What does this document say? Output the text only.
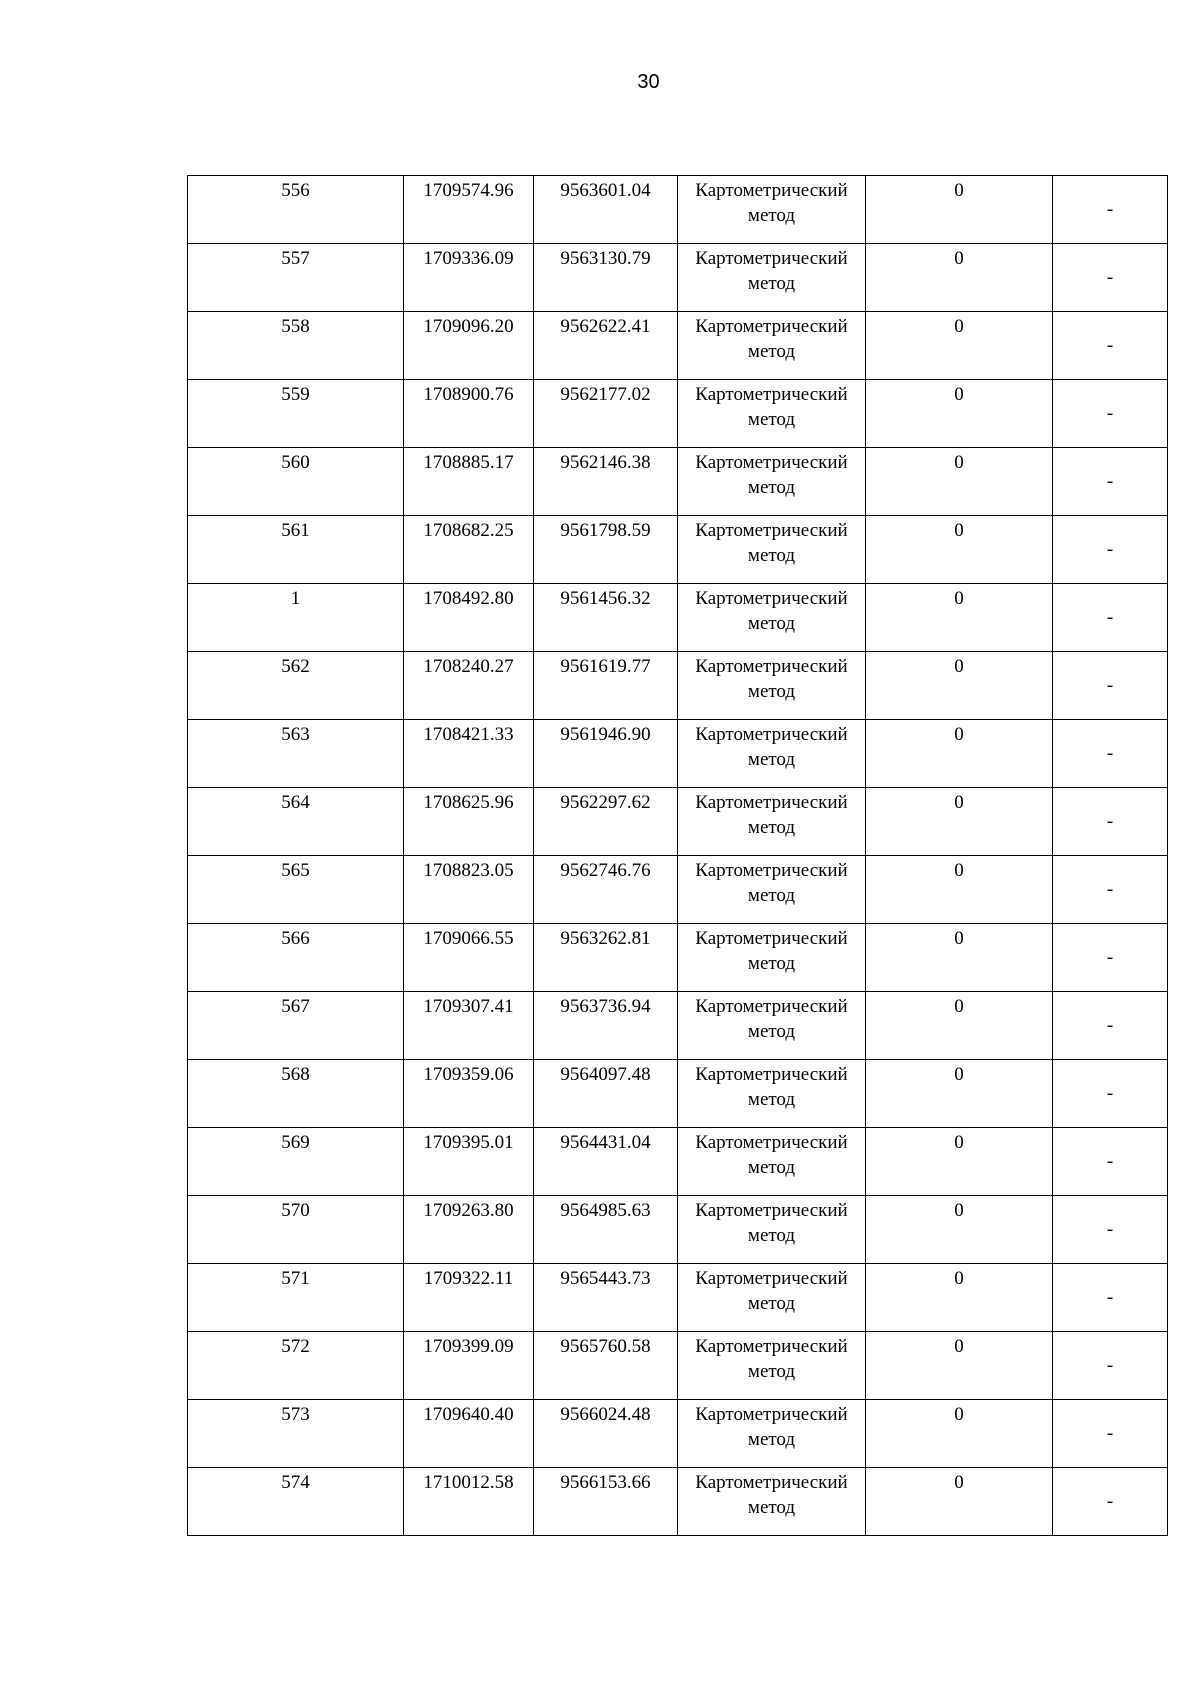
30
556	1709574.96	9563601.04	Картометрический метод	0	-
557	1709336.09	9563130.79	Картометрический метод	0	-
558	1709096.20	9562622.41	Картометрический метод	0	-
559	1708900.76	9562177.02	Картометрический метод	0	-
560	1708885.17	9562146.38	Картометрический метод	0	-
561	1708682.25	9561798.59	Картометрический метод	0	-
1	1708492.80	9561456.32	Картометрический метод	0	-
562	1708240.27	9561619.77	Картометрический метод	0	-
563	1708421.33	9561946.90	Картометрический метод	0	-
564	1708625.96	9562297.62	Картометрический метод	0	-
565	1708823.05	9562746.76	Картометрический метод	0	-
566	1709066.55	9563262.81	Картометрический метод	0	-
567	1709307.41	9563736.94	Картометрический метод	0	-
568	1709359.06	9564097.48	Картометрический метод	0	-
569	1709395.01	9564431.04	Картометрический метод	0	-
570	1709263.80	9564985.63	Картометрический метод	0	-
571	1709322.11	9565443.73	Картометрический метод	0	-
572	1709399.09	9565760.58	Картометрический метод	0	-
573	1709640.40	9566024.48	Картометрический метод	0	-
574	1710012.58	9566153.66	Картометрический метод	0	-
